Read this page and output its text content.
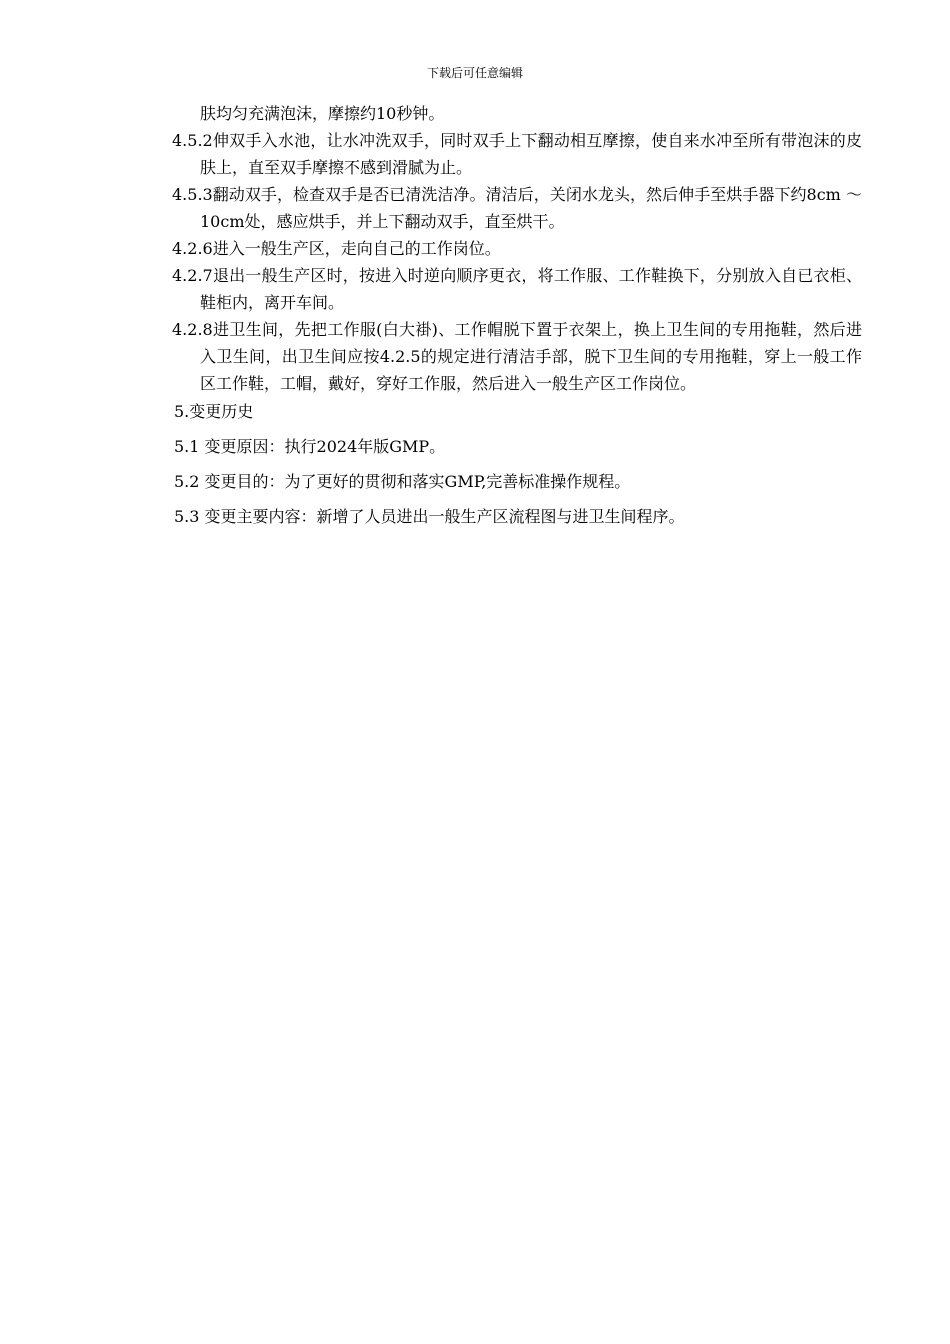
下载后可任意编辑

肤均匀充满泡沫，摩擦约10秒钟。

4.5.2伸双手入水池，让水冲洗双手，同时双手上下翻动相互摩擦，使自来水冲至所有带泡沫的皮肤上，直至双手摩擦不感到滑腻为止。

4.5.3翻动双手，检查双手是否已清洗洁净。清洁后，关闭水龙头，然后伸手至烘手器下约8cm ～10cm处，感应烘手，并上下翻动双手，直至烘干。

4.2.6进入一般生产区，走向自己的工作岗位。

4.2.7退出一般生产区时，按进入时逆向顺序更衣，将工作服、工作鞋换下，分别放入自已衣柜、鞋柜内，离开车间。

4.2.8进卫生间，先把工作服(白大褂)、工作帽脱下置于衣架上，换上卫生间的专用拖鞋，然后进入卫生间，出卫生间应按4.2.5的规定进行清洁手部，脱下卫生间的专用拖鞋，穿上一般工作区工作鞋，工帽，戴好，穿好工作服，然后进入一般生产区工作岗位。

5.变更历史

5.1 变更原因：执行2024年版GMP。

5.2 变更目的：为了更好的贯彻和落实GMP,完善标准操作规程。

5.3 变更主要内容：新增了人员进出一般生产区流程图与进卫生间程序。
